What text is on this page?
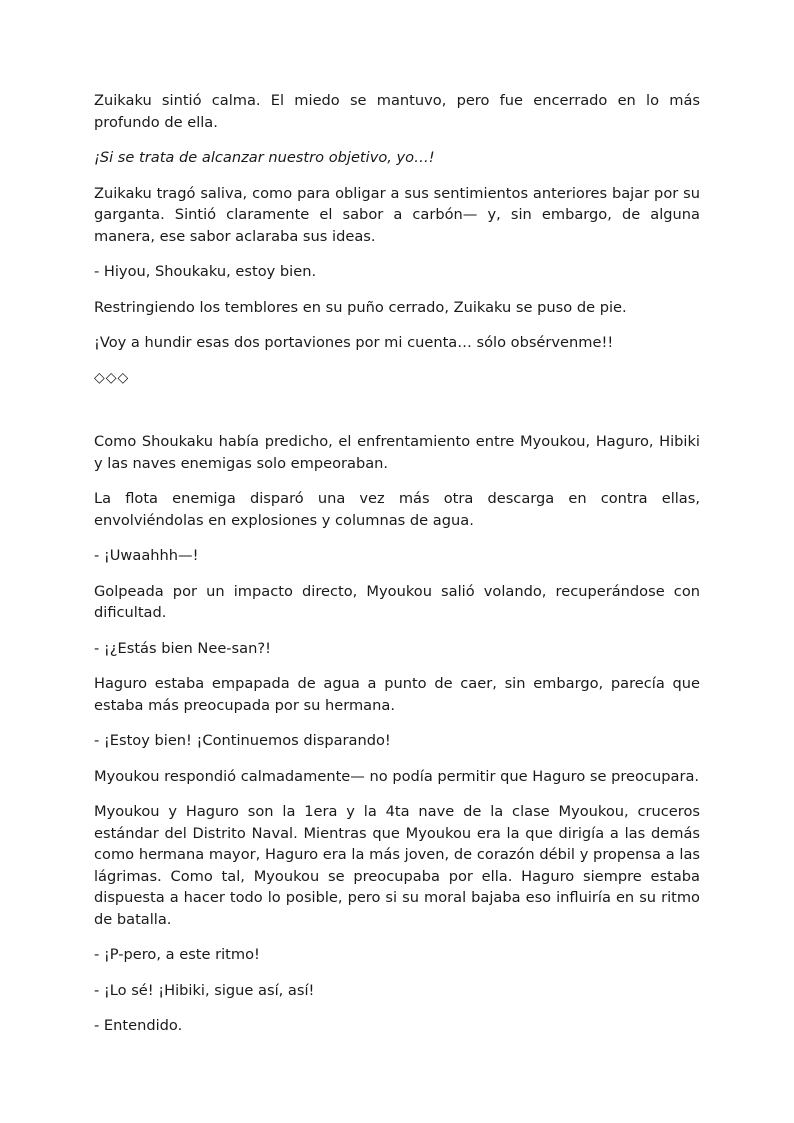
Zuikaku sintió calma. El miedo se mantuvo, pero fue encerrado en lo más profundo de ella.

¡Si se trata de alcanzar nuestro objetivo, yo…!

Zuikaku tragó saliva, como para obligar a sus sentimientos anteriores bajar por su garganta. Sintió claramente el sabor a carbón— y, sin embargo, de alguna manera, ese sabor aclaraba sus ideas.

- Hiyou, Shoukaku, estoy bien.

Restringiendo los temblores en su puño cerrado, Zuikaku se puso de pie.

¡Voy a hundir esas dos portaviones por mi cuenta… sólo obsérvenme!!

◇◇◇

Como Shoukaku había predicho, el enfrentamiento entre Myoukou, Haguro, Hibiki y las naves enemigas solo empeoraban.

La flota enemiga disparó una vez más otra descarga en contra ellas, envolviéndolas en explosiones y columnas de agua.

- ¡Uwaahhh—!

Golpeada por un impacto directo, Myoukou salió volando, recuperándose con dificultad.

- ¡¿Estás bien Nee-san?!

Haguro estaba empapada de agua a punto de caer, sin embargo, parecía que estaba más preocupada por su hermana.

- ¡Estoy bien! ¡Continuemos disparando!

Myoukou respondió calmadamente— no podía permitir que Haguro se preocupara.

Myoukou y Haguro son la 1era y la 4ta nave de la clase Myoukou, cruceros estándar del Distrito Naval. Mientras que Myoukou era la que dirigía a las demás como hermana mayor, Haguro era la más joven, de corazón débil y propensa a las lágrimas. Como tal, Myoukou se preocupaba por ella. Haguro siempre estaba dispuesta a hacer todo lo posible, pero si su moral bajaba eso influiría en su ritmo de batalla.

- ¡P-pero, a este ritmo!

- ¡Lo sé! ¡Hibiki, sigue así, así!

- Entendido.
